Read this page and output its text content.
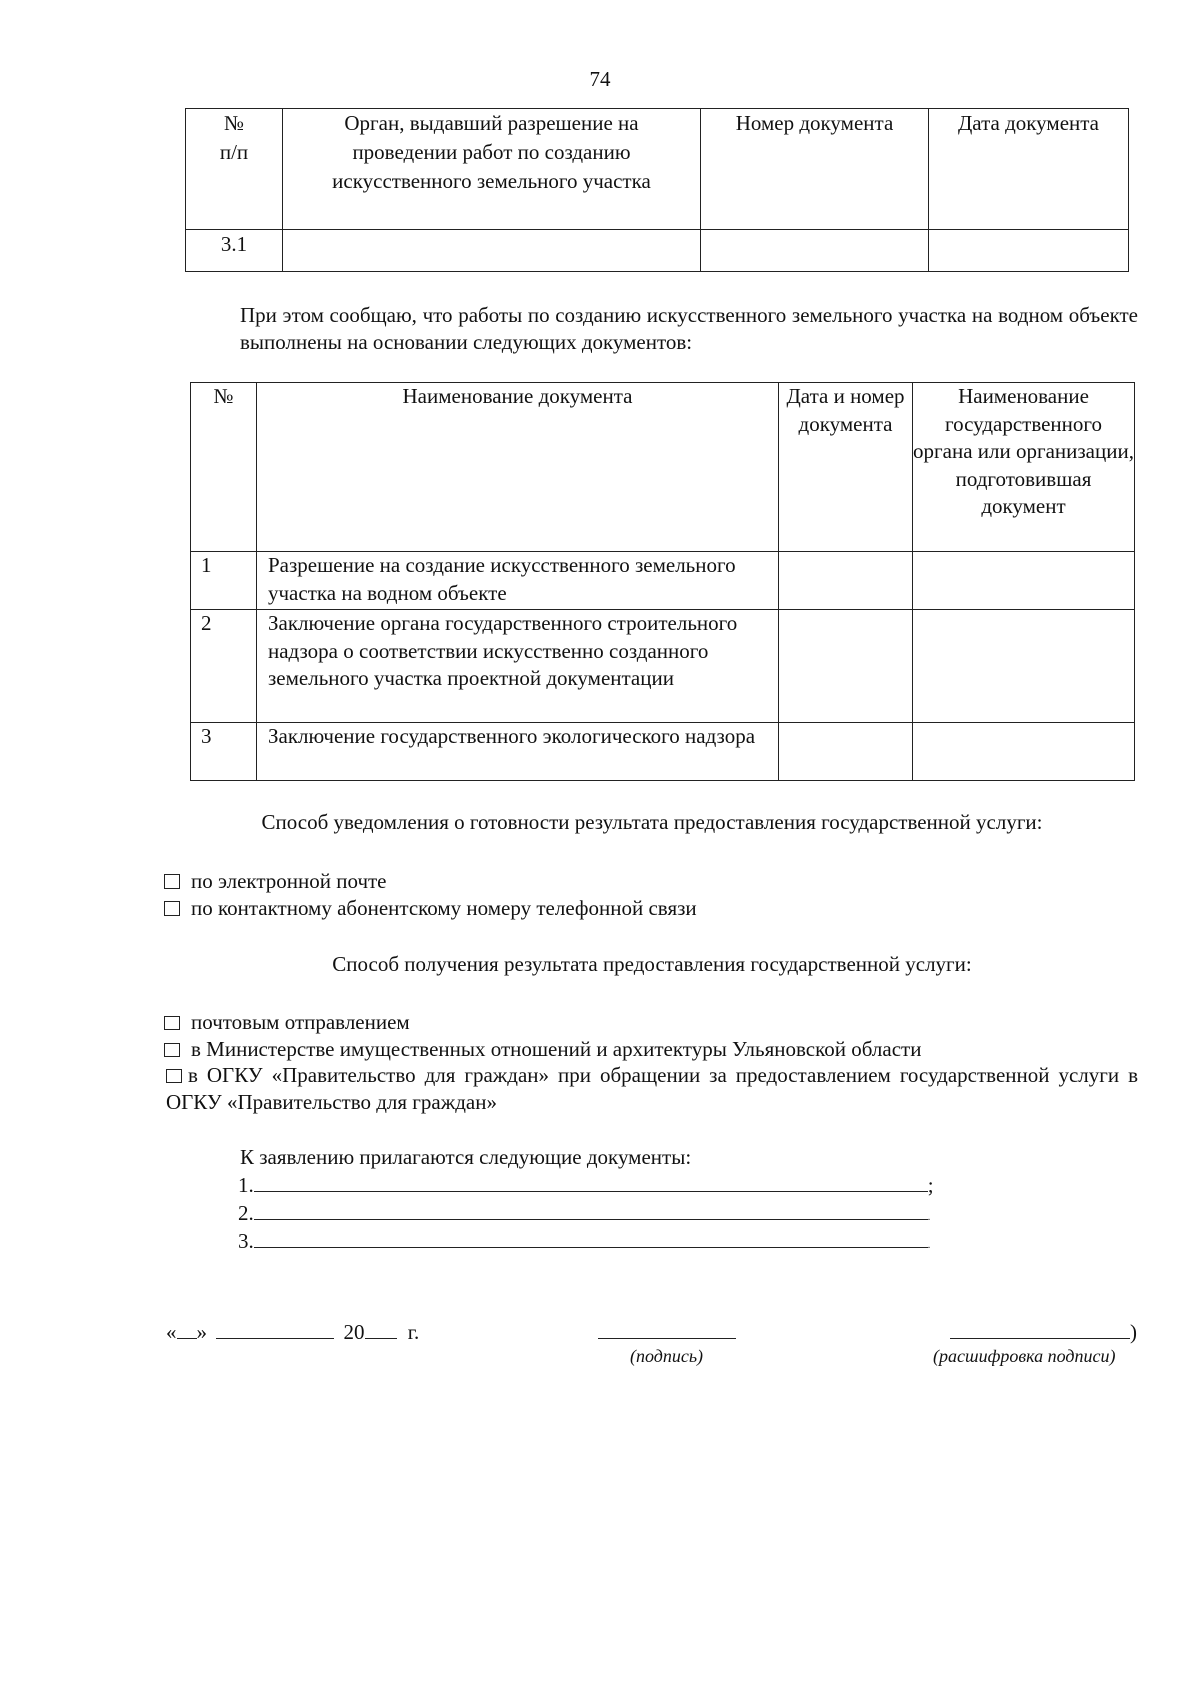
74
№
п/п	Орган, выдавший разрешение на проведении работ по созданию искусственного земельного участка	Номер документа	Дата документа
3.1			
При этом сообщаю, что работы по созданию искусственного земельного участка на водном объекте выполнены на основании следующих документов:
№	Наименование документа	Дата и номер документа	Наименование государственного органа или организации, подготовившая документ
1	Разрешение на создание искусственного земельного участка на водном объекте		
2	Заключение органа государственного строительного надзора о соответствии искусственно созданного земельного участка проектной документации		
3	Заключение государственного экологического надзора		
Способ уведомления о готовности результата предоставления государственной услуги:
по электронной почте
по контактному абонентскому номеру телефонной связи
Способ получения результата предоставления государственной услуги:
почтовым отправлением
в Министерстве имущественных отношений и архитектуры Ульяновской области
в ОГКУ «Правительство для граждан» при обращении за предоставлением государственной услуги в ОГКУ «Правительство для граждан»
К заявлению прилагаются следующие документы:
1.	;
2.	.
3.	.
« »	20 г.
(подпись)
)
(расшифровка подписи)
